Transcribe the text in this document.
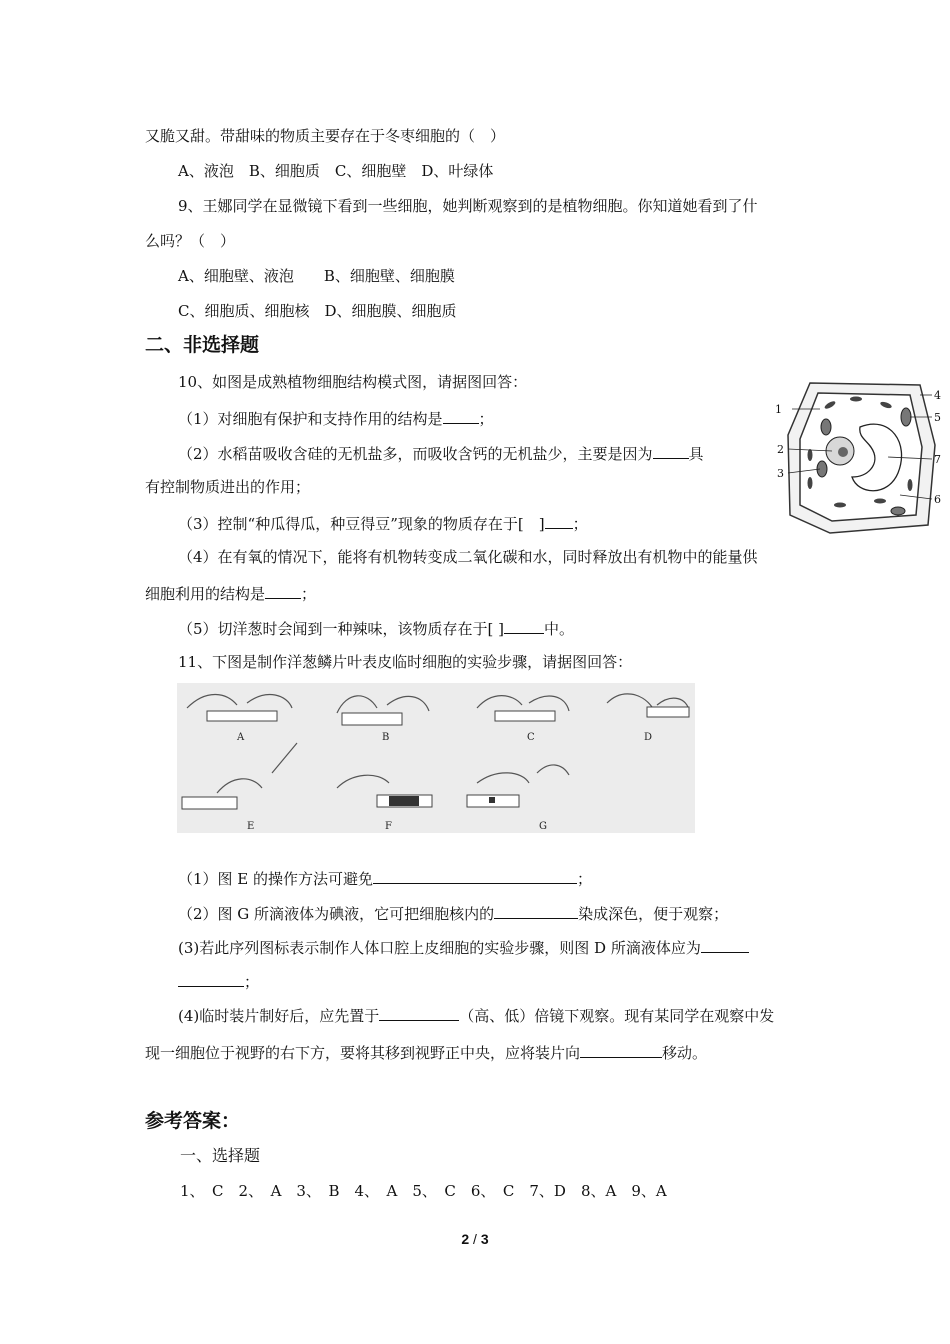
又脆又甜。带甜味的物质主要存在于冬枣细胞的（　）
A、液泡　B、细胞质　C、细胞壁　D、叶绿体
9、王娜同学在显微镜下看到一些细胞，她判断观察到的是植物细胞。你知道她看到了什
么吗？（　）
A、细胞壁、液泡　　B、细胞壁、细胞膜
C、细胞质、细胞核　D、细胞膜、细胞质
二、非选择题
10、如图是成熟植物细胞结构模式图，请据图回答：
（1）对细胞有保护和支持作用的结构是 ；
（2）水稻苗吸收含硅的无机盐多，而吸收含钙的无机盐少，主要是因为 具
有控制物质进出的作用；
（3）控制“种瓜得瓜，种豆得豆”现象的物质存在于[　] ；
（4）在有氧的情况下，能将有机物转变成二氧化碳和水，同时释放出有机物中的能量供
细胞利用的结构是 ；
（5）切洋葱时会闻到一种辣味，该物质存在于[ ]	中。
1
2
3
4
5
7
6
11、下图是制作洋葱鳞片叶表皮临时细胞的实验步骤，请据图回答：
A	B	C	D
E	F	G
（1）图 E 的操作方法可避免	；
（2）图 G 所滴液体为碘液，它可把细胞核内的	染成深色，便于观察；
(3)若此序列图标表示制作人体口腔上皮细胞的实验步骤，则图 D 所滴液体应为
；
(4)临时装片制好后，应先置于	（高、低）倍镜下观察。现有某同学在观察中发
现一细胞位于视野的右下方，要将其移到视野正中央，应将装片向	移动。
参考答案：
一、选择题
1、　C　2、　A　3、　B　4、　A　5、　C　6、　C　7、D　8、A　9、A
2 / 3
